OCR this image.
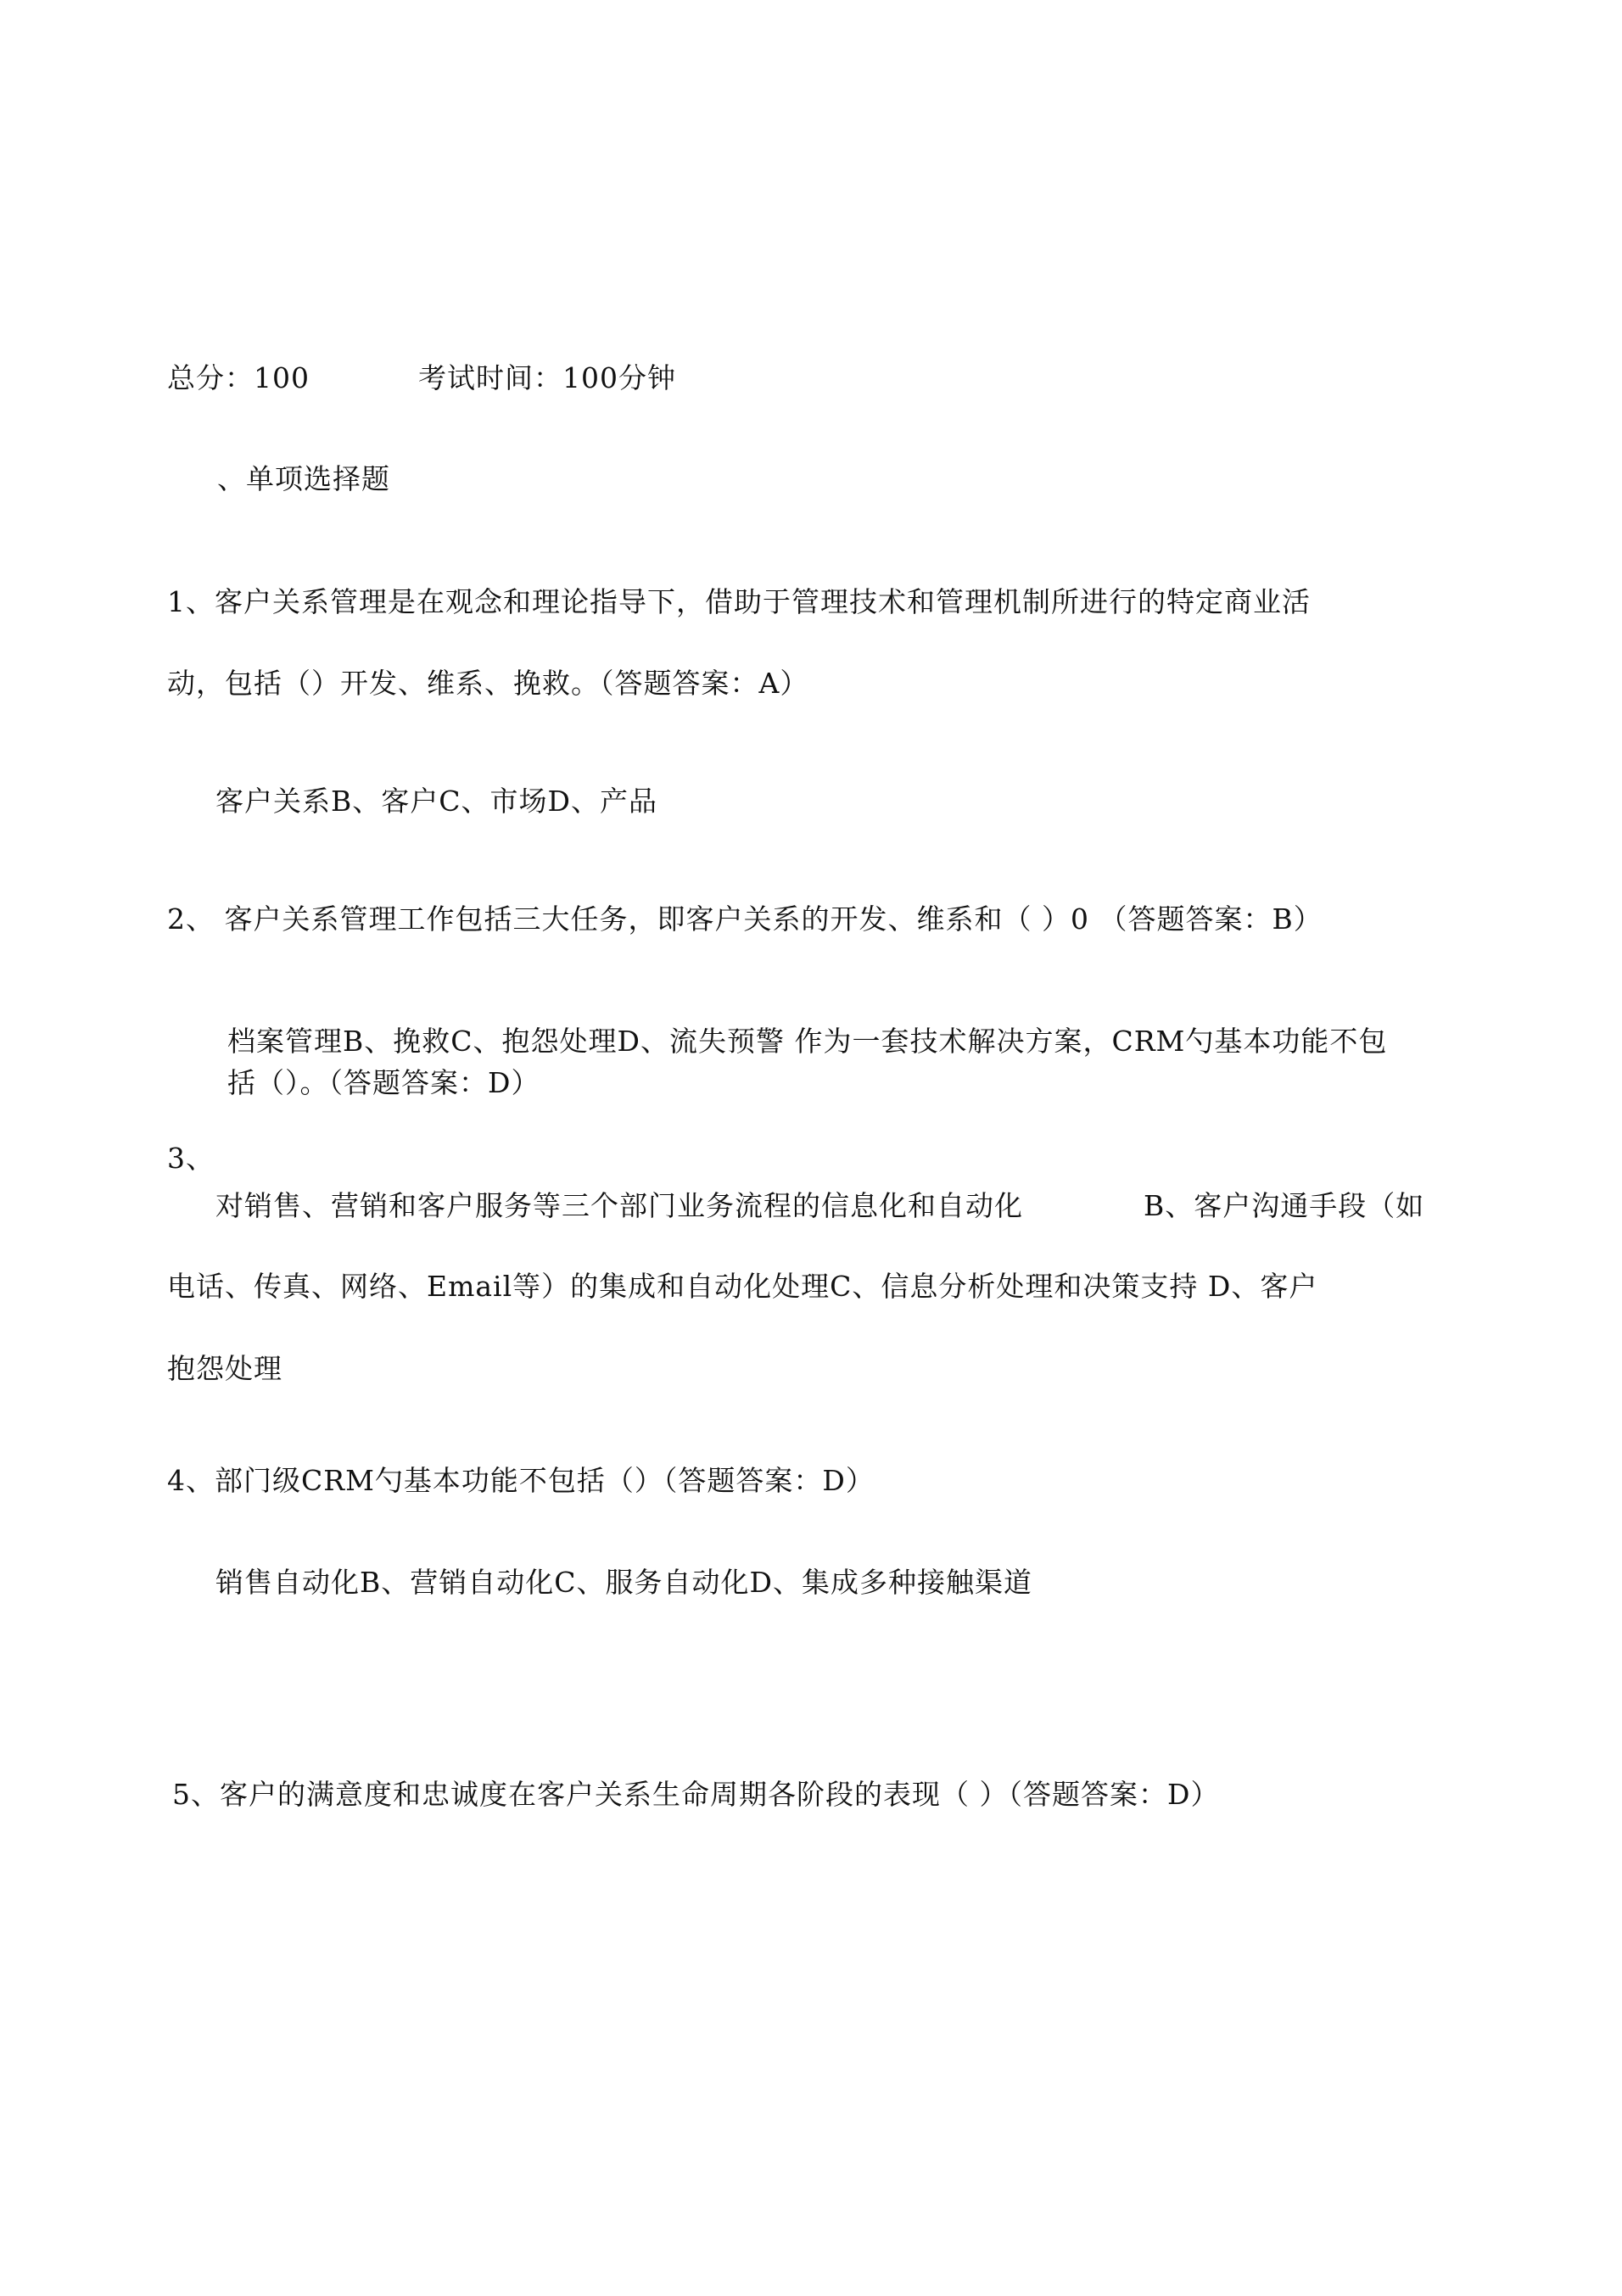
总分：100	考试时间：100分钟
、单项选择题
1、客户关系管理是在观念和理论指导下，借助于管理技术和管理机制所进行的特定商业活
动，包括（）开发、维系、挽救。（答题答案：A）
客户关系B、客户C、市场D、产品
2、 客户关系管理工作包括三大任务，即客户关系的开发、维系和（ ）0 （答题答案：B）
档案管理B、挽救C、抱怨处理D、流失预警 作为一套技术解决方案，CRM勺基本功能不包
括（）。（答题答案：D）
3、
对销售、营销和客户服务等三个部门业务流程的信息化和自动化	B、客户沟通手段（如
电话、传真、网络、Email等）的集成和自动化处理C、信息分析处理和决策支持 D、客户
抱怨处理
4、部门级CRM勺基本功能不包括（）（答题答案：D）
销售自动化B、营销自动化C、服务自动化D、集成多种接触渠道
5、客户的满意度和忠诚度在客户关系生命周期各阶段的表现（ ）（答题答案：D）
